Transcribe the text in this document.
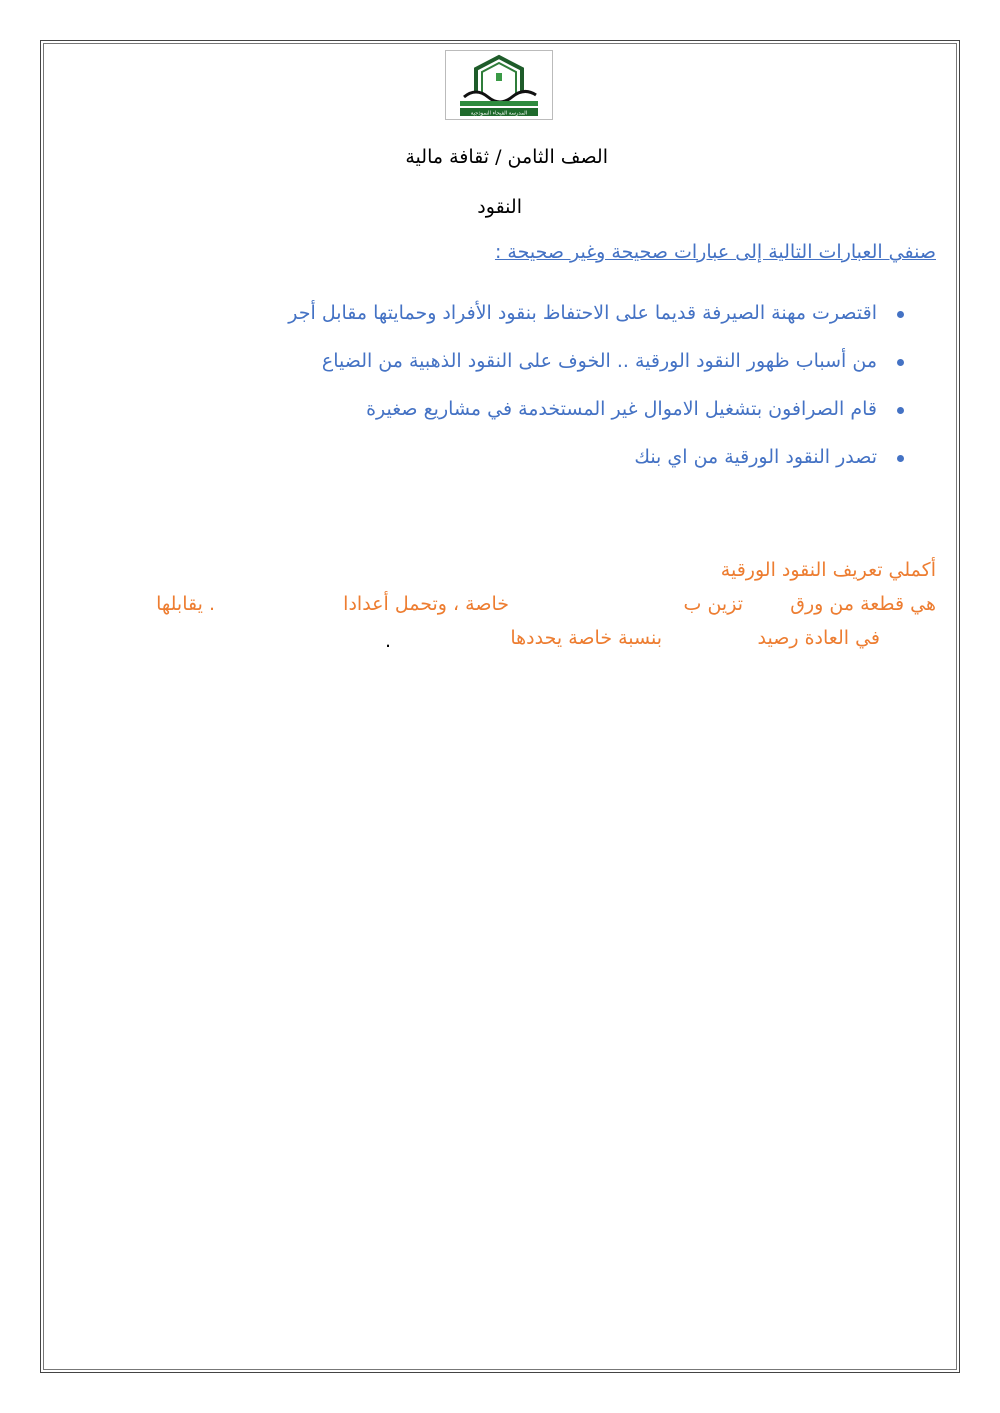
المدرسة الفيحاء النموذجية
الصف الثامن / ثقافة مالية
النقود
صنفي العبارات التالية إلى عبارات صحيحة وغير صحيحة :
اقتصرت مهنة الصيرفة قديما على الاحتفاظ بنقود الأفراد وحمايتها مقابل أجر
من أسباب ظهور النقود الورقية .. الخوف على النقود الذهبية من الضياع
قام الصرافون بتشغيل الاموال غير المستخدمة في مشاريع صغيرة
تصدر النقود الورقية من اي بنك
أكملي تعريف النقود الورقية
هي قطعة من ورق
تزين ب
خاصة ، وتحمل أعدادا
. يقابلها
في العادة رصيد
بنسبة خاصة يحددها
.
